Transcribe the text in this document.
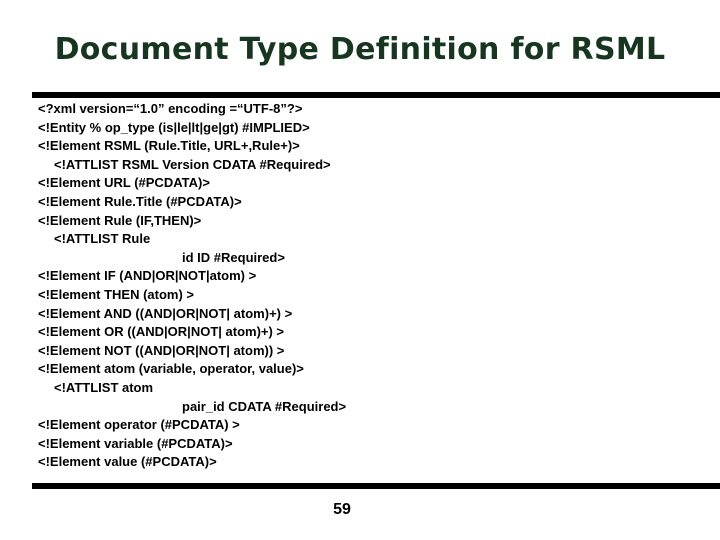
Document Type Definition for RSML
<?xml version=“1.0” encoding =“UTF-8”?>
<!Entity % op_type (is|le|lt|ge|gt) #IMPLIED>
<!Element RSML (Rule.Title, URL+,Rule+)>
<!ATTLIST RSML Version CDATA #Required>
<!Element URL (#PCDATA)>
<!Element Rule.Title (#PCDATA)>
<!Element Rule (IF,THEN)>
<!ATTLIST Rule
id ID #Required>
<!Element IF (AND|OR|NOT|atom) >
<!Element THEN (atom) >
<!Element AND ((AND|OR|NOT| atom)+) >
<!Element OR ((AND|OR|NOT| atom)+) >
<!Element NOT ((AND|OR|NOT| atom)) >
<!Element atom (variable, operator, value)>
<!ATTLIST atom
pair_id CDATA #Required>
<!Element operator (#PCDATA) >
<!Element variable (#PCDATA)>
<!Element value (#PCDATA)>
59
